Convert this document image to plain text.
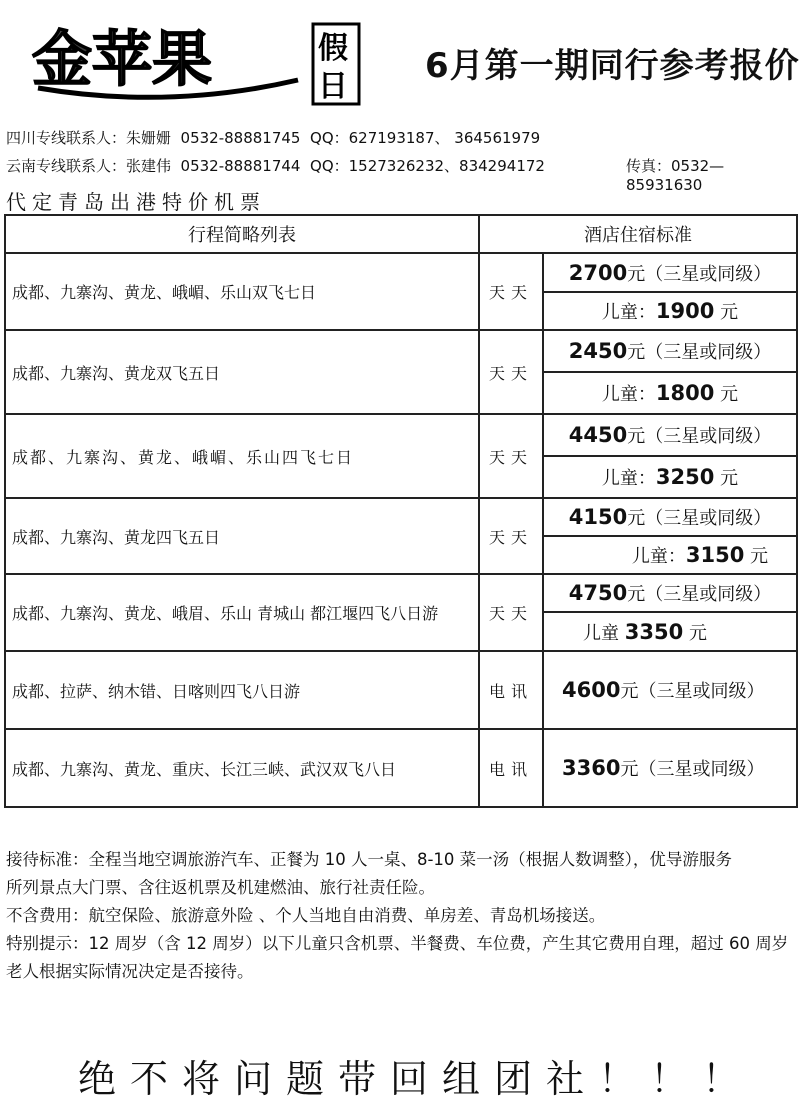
金苹果	假
日
6月第一期同行参考报价
四川专线联系人：朱姗姗  0532-88881745  QQ：627193187、 364561979
云南专线联系人：张建伟  0532-88881744  QQ：1527326232、834294172	传真：0532—85931630
代定青岛出港特价机票
行程简略列表	酒店住宿标准	
成都、九寨沟、黄龙、峨嵋、乐山双飞七日	天天	2700元（三星或同级）
		儿童：1900 元
成都、九寨沟、黄龙双飞五日	天天	2450元（三星或同级）
		儿童：1800 元
成都、九寨沟、黄龙、峨嵋、乐山四飞七日	天天	4450元（三星或同级）
		儿童：3250 元
成都、九寨沟、黄龙四飞五日	天天	4150元（三星或同级）
		儿童：3150 元
成都、九寨沟、黄龙、峨眉、乐山 青城山 都江堰四飞八日游	天天	4750元（三星或同级）
		儿童 3350 元
成都、拉萨、纳木错、日喀则四飞八日游	电讯	4600元（三星或同级）
成都、九寨沟、黄龙、重庆、长江三峡、武汉双飞八日	电讯	3360元（三星或同级）
接待标准：全程当地空调旅游汽车、正餐为 10 人一桌、8-10 菜一汤（根据人数调整），优导游服务
所列景点大门票、含往返机票及机建燃油、旅行社责任险。
不含费用：航空保险、旅游意外险 、个人当地自由消费、单房差、青岛机场接送。
特别提示：12 周岁（含 12 周岁）以下儿童只含机票、半餐费、车位费，产生其它费用自理，超过 60 周岁老人根据实际情况决定是否接待。
绝不将问题带回组团社！！！
